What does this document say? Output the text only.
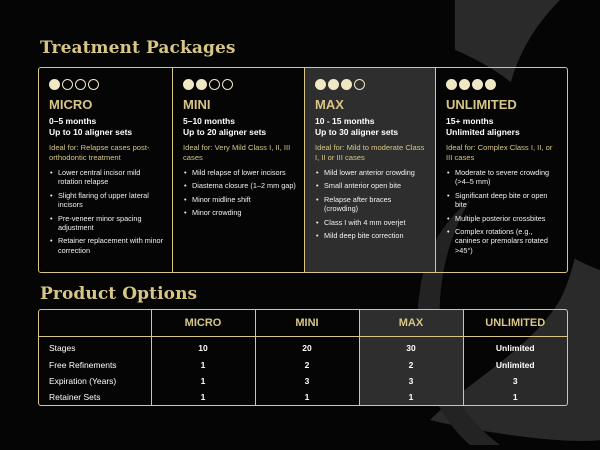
Treatment Packages
MICRO
0–5 months
Up to 10 aligner sets
Ideal for: Relapse cases post-orthodontic treatment
• Lower central incisor mild rotation relapse
• Slight flaring of upper lateral incisors
• Pre-veneer minor spacing adjustment
• Retainer replacement with minor correction
MINI
5–10 months
Up to 20 aligner sets
Ideal for: Very Mild Class I, II, III cases
• Mild relapse of lower incisors
• Diastema closure (1–2 mm gap)
• Minor midline shift
• Minor crowding
MAX
10 - 15 months
Up to 30 aligner sets
Ideal for: Mild to moderate Class I, II or III cases
• Mild lower anterior crowding
• Small anterior open bite
• Relapse after braces (crowding)
• Class I with 4 mm overjet
• Mild deep bite correction
UNLIMITED
15+ months
Unlimited aligners
Ideal for: Complex Class I, II, or III cases
• Moderate to severe crowding (>4–5 mm)
• Significant deep bite or open bite
• Multiple posterior crossbites
• Complex rotations (e.g., canines or premolars rotated >45°)
Product Options
	MICRO	MINI	MAX	UNLIMITED
Stages	10	20	30	Unlimited
Free Refinements	1	2	2	Unlimited
Expiration (Years)	1	3	3	3
Retainer Sets	1	1	1	1
